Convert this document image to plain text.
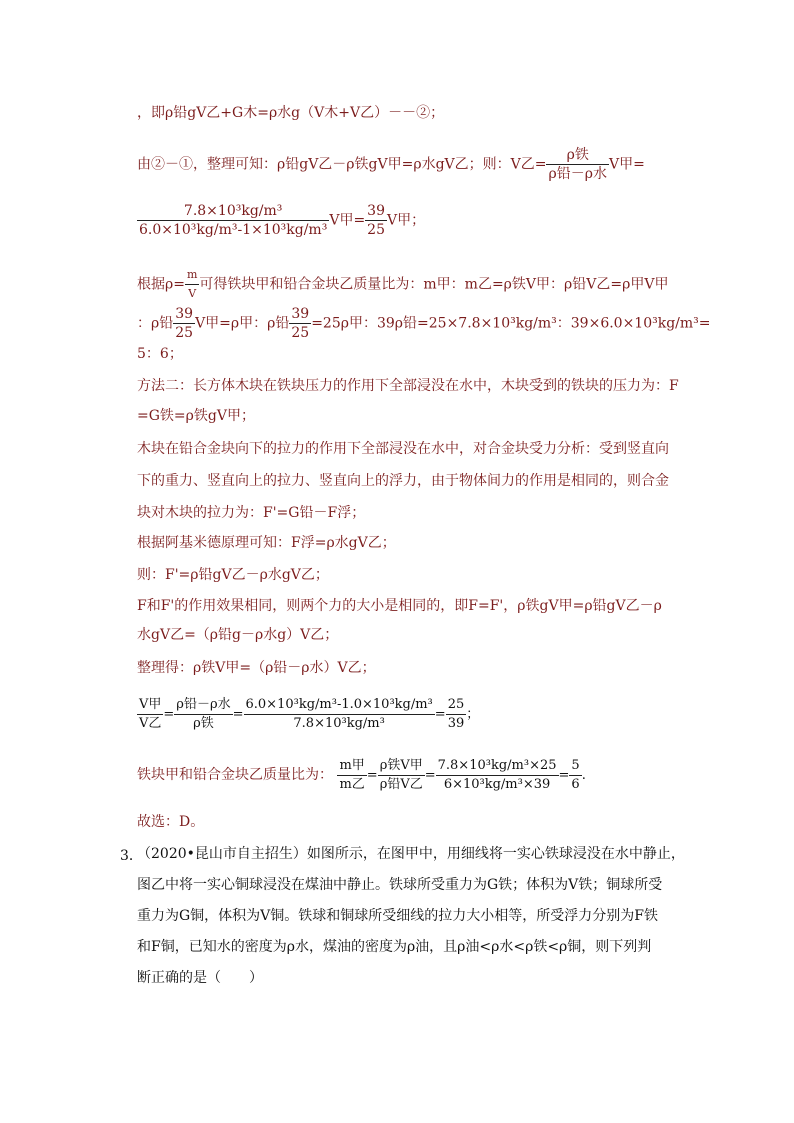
，即ρ铅gV乙+G木=ρ水g（V木+V乙）－－②；
由②－①，整理可知：ρ铅gV乙－ρ铁gV甲=ρ水gV乙；则：V乙= $\frac{\text{ρ铁}}{\text{ρ铅－ρ水}}$ V甲=
$\frac{\text{7.8×10³kg/m³}}{\text{6.0×10³kg/m³-1×10³kg/m³}}$ V甲= $\frac{39}{25}$ V甲；
根据$\rho= \frac{m}{V}$ 可得铁块甲和铅合金块乙质量比为：m甲：m乙=ρ铁V甲：ρ铅V乙=ρ甲V甲
：ρ铅 $\frac{39}{25}$ V甲=ρ甲：ρ铅 $\frac{39}{25} =25\rho$甲：39ρ铅=25×7.8×10³kg/m³：39×6.0×10³kg/m³=
5：6；
方法二：长方体木块在铁块压力的作用下全部浸没在水中，木块受到的铁块的压力为：F
=G铁=ρ铁gV甲；
木块在铅合金块向下的拉力的作用下全部浸没在水中，对合金块受力分析：受到竖直向
下的重力、竖直向上的拉力、竖直向上的浮力，由于物体间力的作用是相同的，则合金
块对木块的拉力为：F'=G铅－F浮；
根据阿基米德原理可知：F浮=ρ水gV乙；
则：F'=ρ铅gV乙－ρ水gV乙；
F和F'的作用效果相同，则两个力的大小是相同的，即F=F'，ρ铁gV甲=ρ铅gV乙－ρ
水gV乙=（ρ铅g－ρ水g）V乙；
整理得：ρ铁V甲=（ρ铅－ρ水）V乙；
$\frac{\text{V甲}}{\text{V乙}} = \frac{\text{ρ铅－ρ水}}{\text{ρ铁}} = \frac{\text{6.0×10³kg/m³-1.0×10³kg/m³}}{\text{7.8×10³kg/m³}} = \frac{25}{39}$ ；
铁块甲和铅合金块乙质量比为： $\frac{\text{m甲}}{\text{m乙}} = \frac{\text{ρ铁V甲}}{\text{ρ铅V乙}} = \frac{\text{7.8×10³kg/m³×25}}{\text{6×10³kg/m³×39}} = \frac{5}{6}$ .
故选：D。
3．
（2020•昆山市自主招生）如图所示，在图甲中，用细线将一实心铁球浸没在水中静止，
图乙中将一实心铜球浸没在煤油中静止。铁球所受重力为G铁；体积为V铁；铜球所受
重力为G铜，体积为V铜。铁球和铜球所受细线的拉力大小相等，所受浮力分别为F铁
和F铜，已知水的密度为ρ水，煤油的密度为ρ油，且ρ油<ρ水<ρ铁<ρ铜，则下列判
断正确的是（　　）
